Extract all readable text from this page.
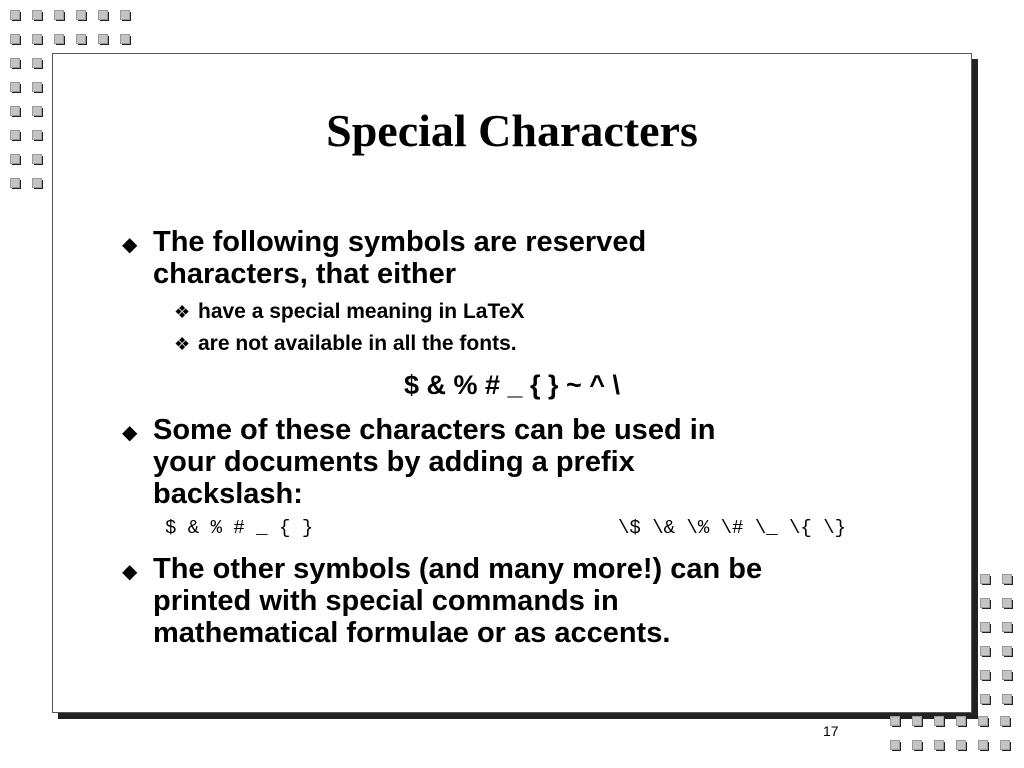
Special Characters
◆ The following symbols are reserved
characters, that either
❖ have a special meaning in LaTeX
❖ are not available in all the fonts.
$ & % # _ { } ~ ^ \
◆ Some of these characters can be used in
your documents by adding a prefix
backslash:
$ & % # _ { }	\$ \& \% \# \_ \{ \}
◆ The other symbols (and many more!) can be
printed with special commands in
mathematical formulae or as accents.
17
